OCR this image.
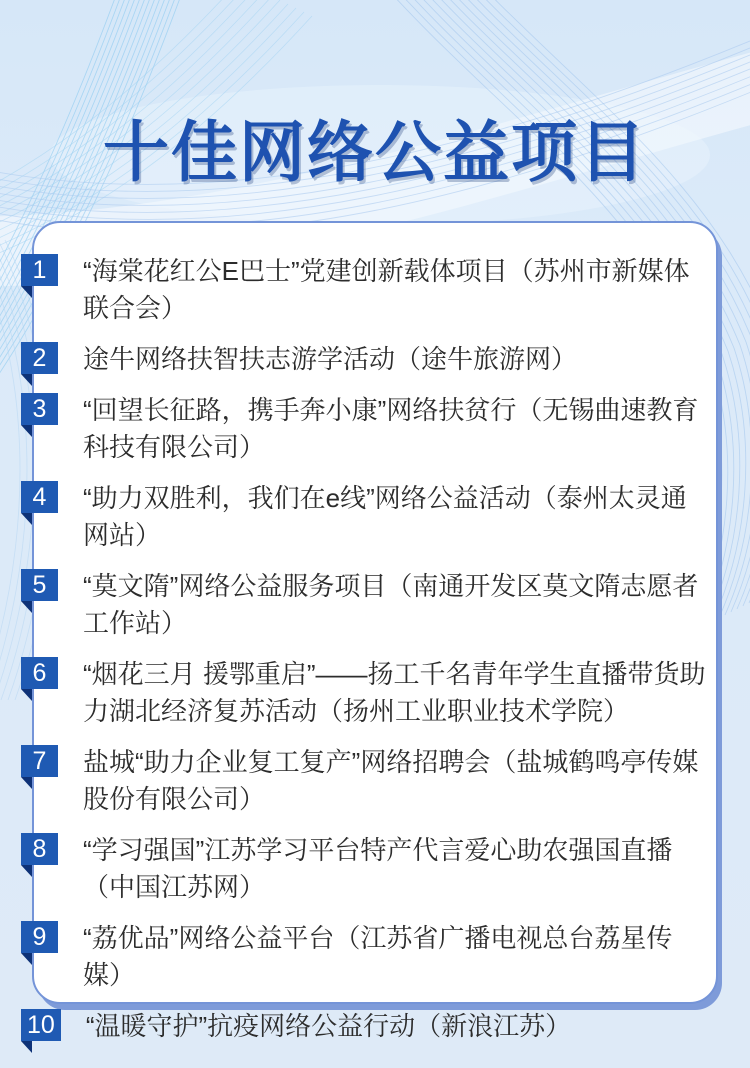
十佳网络公益项目
1	“海棠花红公E巴士”党建创新载体项目（苏州市新媒体联合会）
2	途牛网络扶智扶志游学活动（途牛旅游网）
3	“回望长征路，携手奔小康”网络扶贫行（无锡曲速教育科技有限公司）
4	“助力双胜利，我们在e线”网络公益活动（泰州太灵通网站）
5	“莫文隋”网络公益服务项目（南通开发区莫文隋志愿者工作站）
6	“烟花三月 援鄂重启”——扬工千名青年学生直播带货助力湖北经济复苏活动（扬州工业职业技术学院）
7	盐城“助力企业复工复产”网络招聘会（盐城鹤鸣亭传媒股份有限公司）
8	“学习强国”江苏学习平台特产代言爱心助农强国直播（中国江苏网）
9	“荔优品”网络公益平台（江苏省广播电视总台荔星传媒）
10 “温暖守护”抗疫网络公益行动（新浪江苏）
